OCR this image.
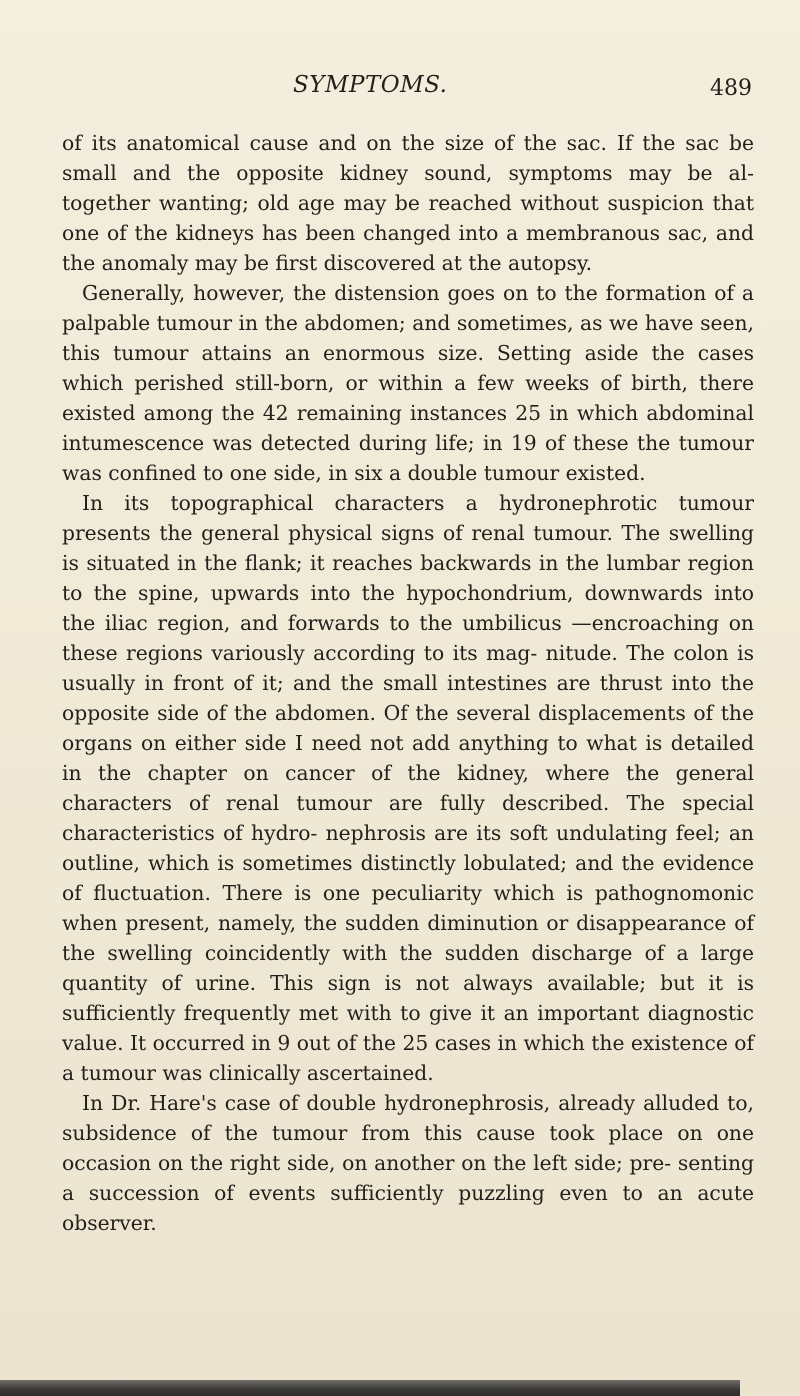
SYMPTOMS.	489

of its anatomical cause and on the size of the sac. If the sac be small and the opposite kidney sound, symptoms may be al- together wanting; old age may be reached without suspicion that one of the kidneys has been changed into a membranous sac, and the anomaly may be first discovered at the autopsy.

Generally, however, the distension goes on to the formation of a palpable tumour in the abdomen; and sometimes, as we have seen, this tumour attains an enormous size. Setting aside the cases which perished still-born, or within a few weeks of birth, there existed among the 42 remaining instances 25 in which abdominal intumescence was detected during life; in 19 of these the tumour was confined to one side, in six a double tumour existed.

In its topographical characters a hydronephrotic tumour presents the general physical signs of renal tumour. The swelling is situated in the flank; it reaches backwards in the lumbar region to the spine, upwards into the hypochondrium, downwards into the iliac region, and forwards to the umbilicus —encroaching on these regions variously according to its mag- nitude. The colon is usually in front of it; and the small intestines are thrust into the opposite side of the abdomen. Of the several displacements of the organs on either side I need not add anything to what is detailed in the chapter on cancer of the kidney, where the general characters of renal tumour are fully described. The special characteristics of hydro- nephrosis are its soft undulating feel; an outline, which is sometimes distinctly lobulated; and the evidence of fluctuation. There is one peculiarity which is pathognomonic when present, namely, the sudden diminution or disappearance of the swelling coincidently with the sudden discharge of a large quantity of urine. This sign is not always available; but it is sufficiently frequently met with to give it an important diagnostic value. It occurred in 9 out of the 25 cases in which the existence of a tumour was clinically ascertained.

In Dr. Hare's case of double hydronephrosis, already alluded to, subsidence of the tumour from this cause took place on one occasion on the right side, on another on the left side; pre- senting a succession of events sufficiently puzzling even to an acute observer.
